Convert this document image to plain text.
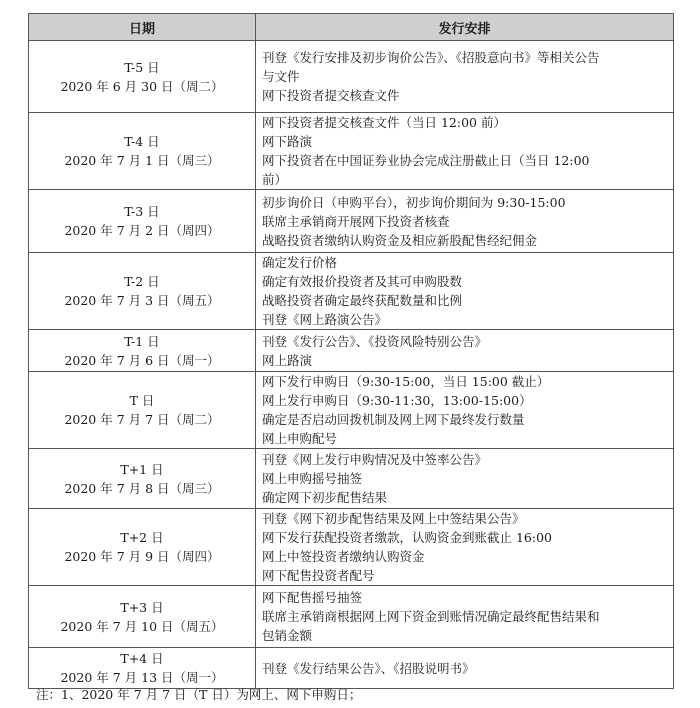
日期	发行安排

T-5 日
2020 年 6 月 30 日（周二）	刊登《发行安排及初步询价公告》、《招股意向书》等相关公告
与文件
网下投资者提交核查文件

T-4 日
2020 年 7 月 1 日（周三）	网下投资者提交核查文件（当日 12:00 前）
网下路演
网下投资者在中国证券业协会完成注册截止日（当日 12:00
前）

T-3 日
2020 年 7 月 2 日（周四）	初步询价日（申购平台），初步询价期间为 9:30-15:00
联席主承销商开展网下投资者核查
战略投资者缴纳认购资金及相应新股配售经纪佣金

T-2 日
2020 年 7 月 3 日（周五）	确定发行价格
确定有效报价投资者及其可申购股数
战略投资者确定最终获配数量和比例
刊登《网上路演公告》

T-1 日
2020 年 7 月 6 日（周一）	刊登《发行公告》、《投资风险特别公告》
网上路演

T 日
2020 年 7 月 7 日（周二）	网下发行申购日（9:30-15:00，当日 15:00 截止）
网上发行申购日（9:30-11:30，13:00-15:00）
确定是否启动回拨机制及网上网下最终发行数量
网上申购配号

T+1 日
2020 年 7 月 8 日（周三）	刊登《网上发行申购情况及中签率公告》
网上申购摇号抽签
确定网下初步配售结果

T+2 日
2020 年 7 月 9 日（周四）	刊登《网下初步配售结果及网上中签结果公告》
网下发行获配投资者缴款，认购资金到账截止 16:00
网上中签投资者缴纳认购资金
网下配售投资者配号

T+3 日
2020 年 7 月 10 日（周五）	网下配售摇号抽签
联席主承销商根据网上网下资金到账情况确定最终配售结果和
包销金额

T+4 日
2020 年 7 月 13 日（周一）	刊登《发行结果公告》、《招股说明书》
注：1、2020 年 7 月 7 日（T 日）为网上、网下申购日；
